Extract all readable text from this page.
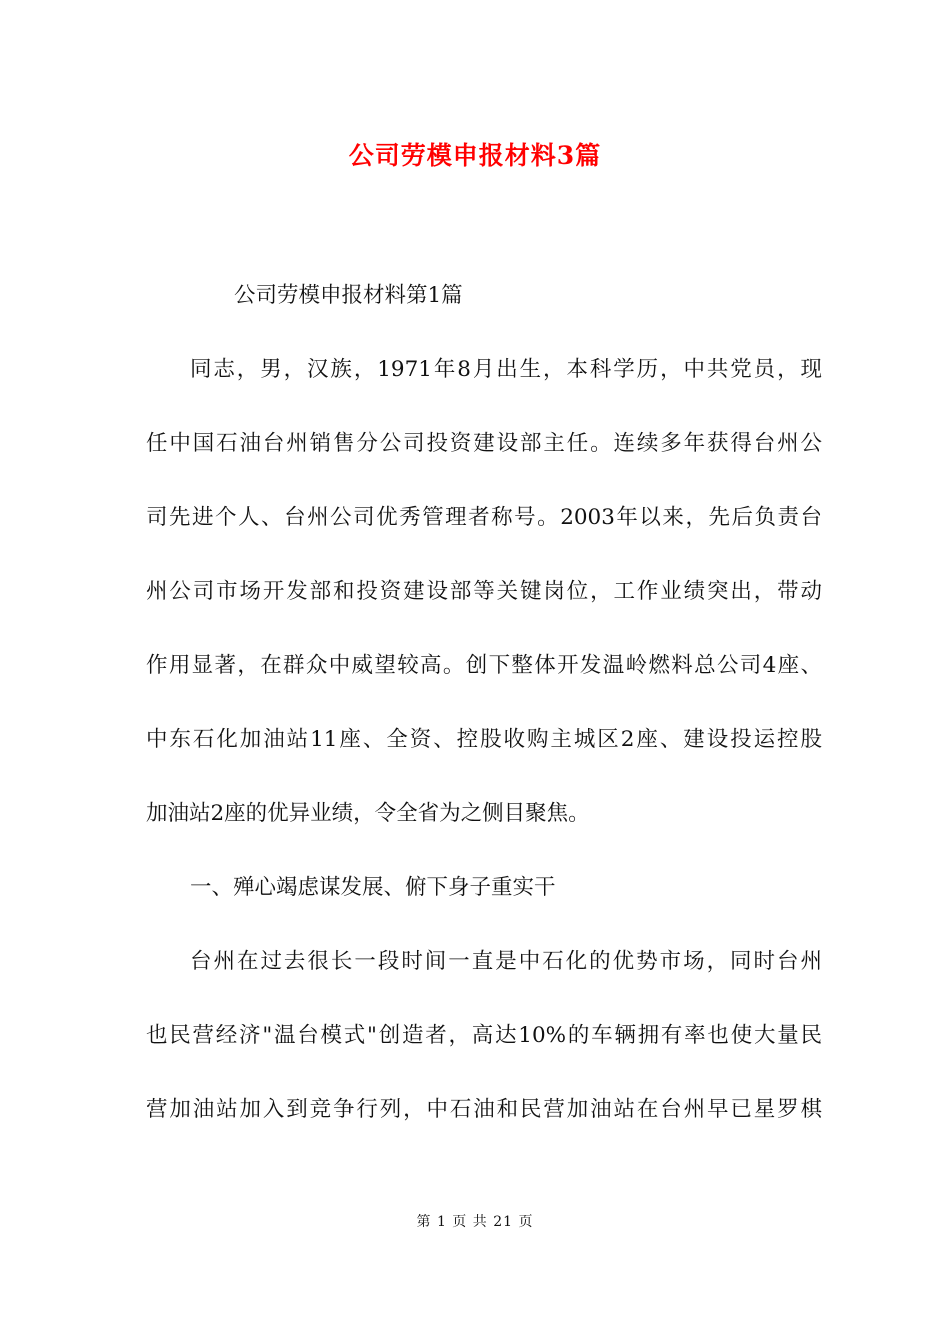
公司劳模申报材料3篇
公司劳模申报材料第1篇
同志，男，汉族，1971年8月出生，本科学历，中共党员，现
任中国石油台州销售分公司投资建设部主任。连续多年获得台州公
司先进个人、台州公司优秀管理者称号。2003年以来，先后负责台
州公司市场开发部和投资建设部等关键岗位，工作业绩突出，带动
作用显著，在群众中威望较高。创下整体开发温岭燃料总公司4座、
中东石化加油站11座、全资、控股收购主城区2座、建设投运控股
加油站2座的优异业绩，令全省为之侧目聚焦。
一、殚心竭虑谋发展、俯下身子重实干
台州在过去很长一段时间一直是中石化的优势市场，同时台州
也民营经济"温台模式"创造者，高达10%的车辆拥有率也使大量民
营加油站加入到竞争行列，中石油和民营加油站在台州早已星罗棋
第 1 页 共 21 页
